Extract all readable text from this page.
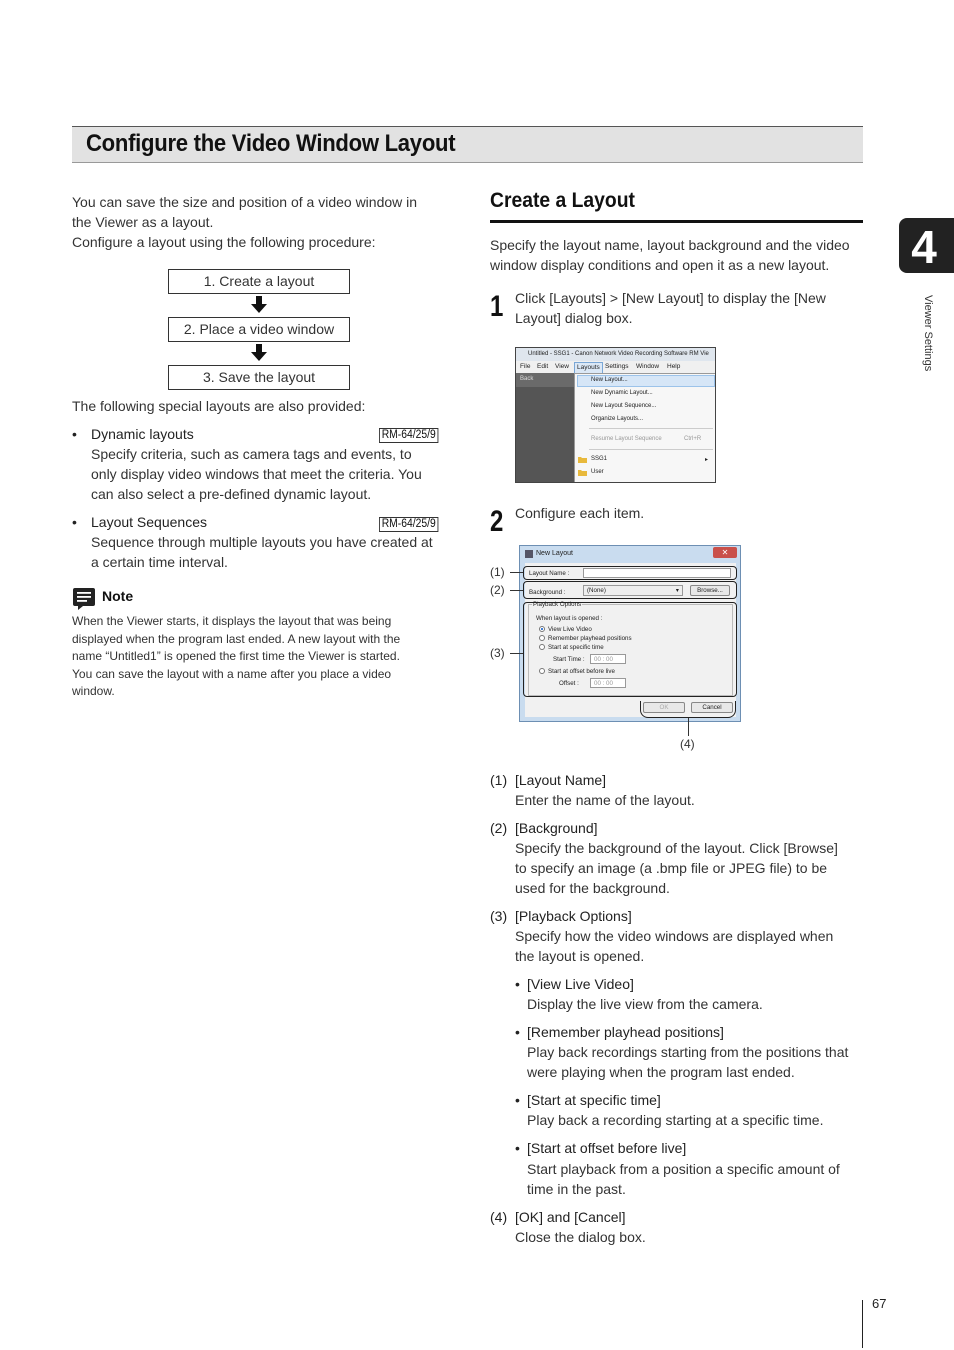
Configure the Video Window Layout
4
Viewer Settings
You can save the size and position of a video window in
the Viewer as a layout.
Configure a layout using the following procedure:
1. Create a layout
2. Place a video window
3. Save the layout
The following special layouts are also provided:
• Dynamic layouts	RM-64/25/9
Specify criteria, such as camera tags and events, to
only display video windows that meet the criteria. You
can also select a pre-defined dynamic layout.
• Layout Sequences	RM-64/25/9
Sequence through multiple layouts you have created at
a certain time interval.
Note
When the Viewer starts, it displays the layout that was being
displayed when the program last ended. A new layout with the
name “Untitled1” is opened the first time the Viewer is started.
You can save the layout with a name after you place a video
window.
Create a Layout
Specify the layout name, layout background and the video
window display conditions and open it as a new layout.
1 Click [Layouts] > [New Layout] to display the [New
Layout] dialog box.
Untitled - SSG1 - Canon Network Video Recording Software RM Vie
File Edit View	Layouts Settings Window Help
Back	New Layout...
New Dynamic Layout...
New Layout Sequence...
Organize Layouts...
Resume Layout Sequence	Ctrl+R
SSG1	▸
User
2 Configure each item.
New Layout	✕
Layout Name :
Background :	(None)	▾	Browse...
Playback Options
When layout is opened :
View Live Video
Remember playhead positions
Start at specific time
Start Time : 00 : 00
Start at offset before live
Offset : 00 : 00
OK	Cancel
(1)
(2)
(3)
(4)
(1) [Layout Name]
Enter the name of the layout.
(2) [Background]
Specify the background of the layout. Click [Browse]
to specify an image (a .bmp file or JPEG file) to be
used for the background.
(3) [Playback Options]
Specify how the video windows are displayed when
the layout is opened.
• [View Live Video]
Display the live view from the camera.
• [Remember playhead positions]
Play back recordings starting from the positions that
were playing when the program last ended.
• [Start at specific time]
Play back a recording starting at a specific time.
• [Start at offset before live]
Start playback from a position a specific amount of
time in the past.
(4) [OK] and [Cancel]
Close the dialog box.
67
